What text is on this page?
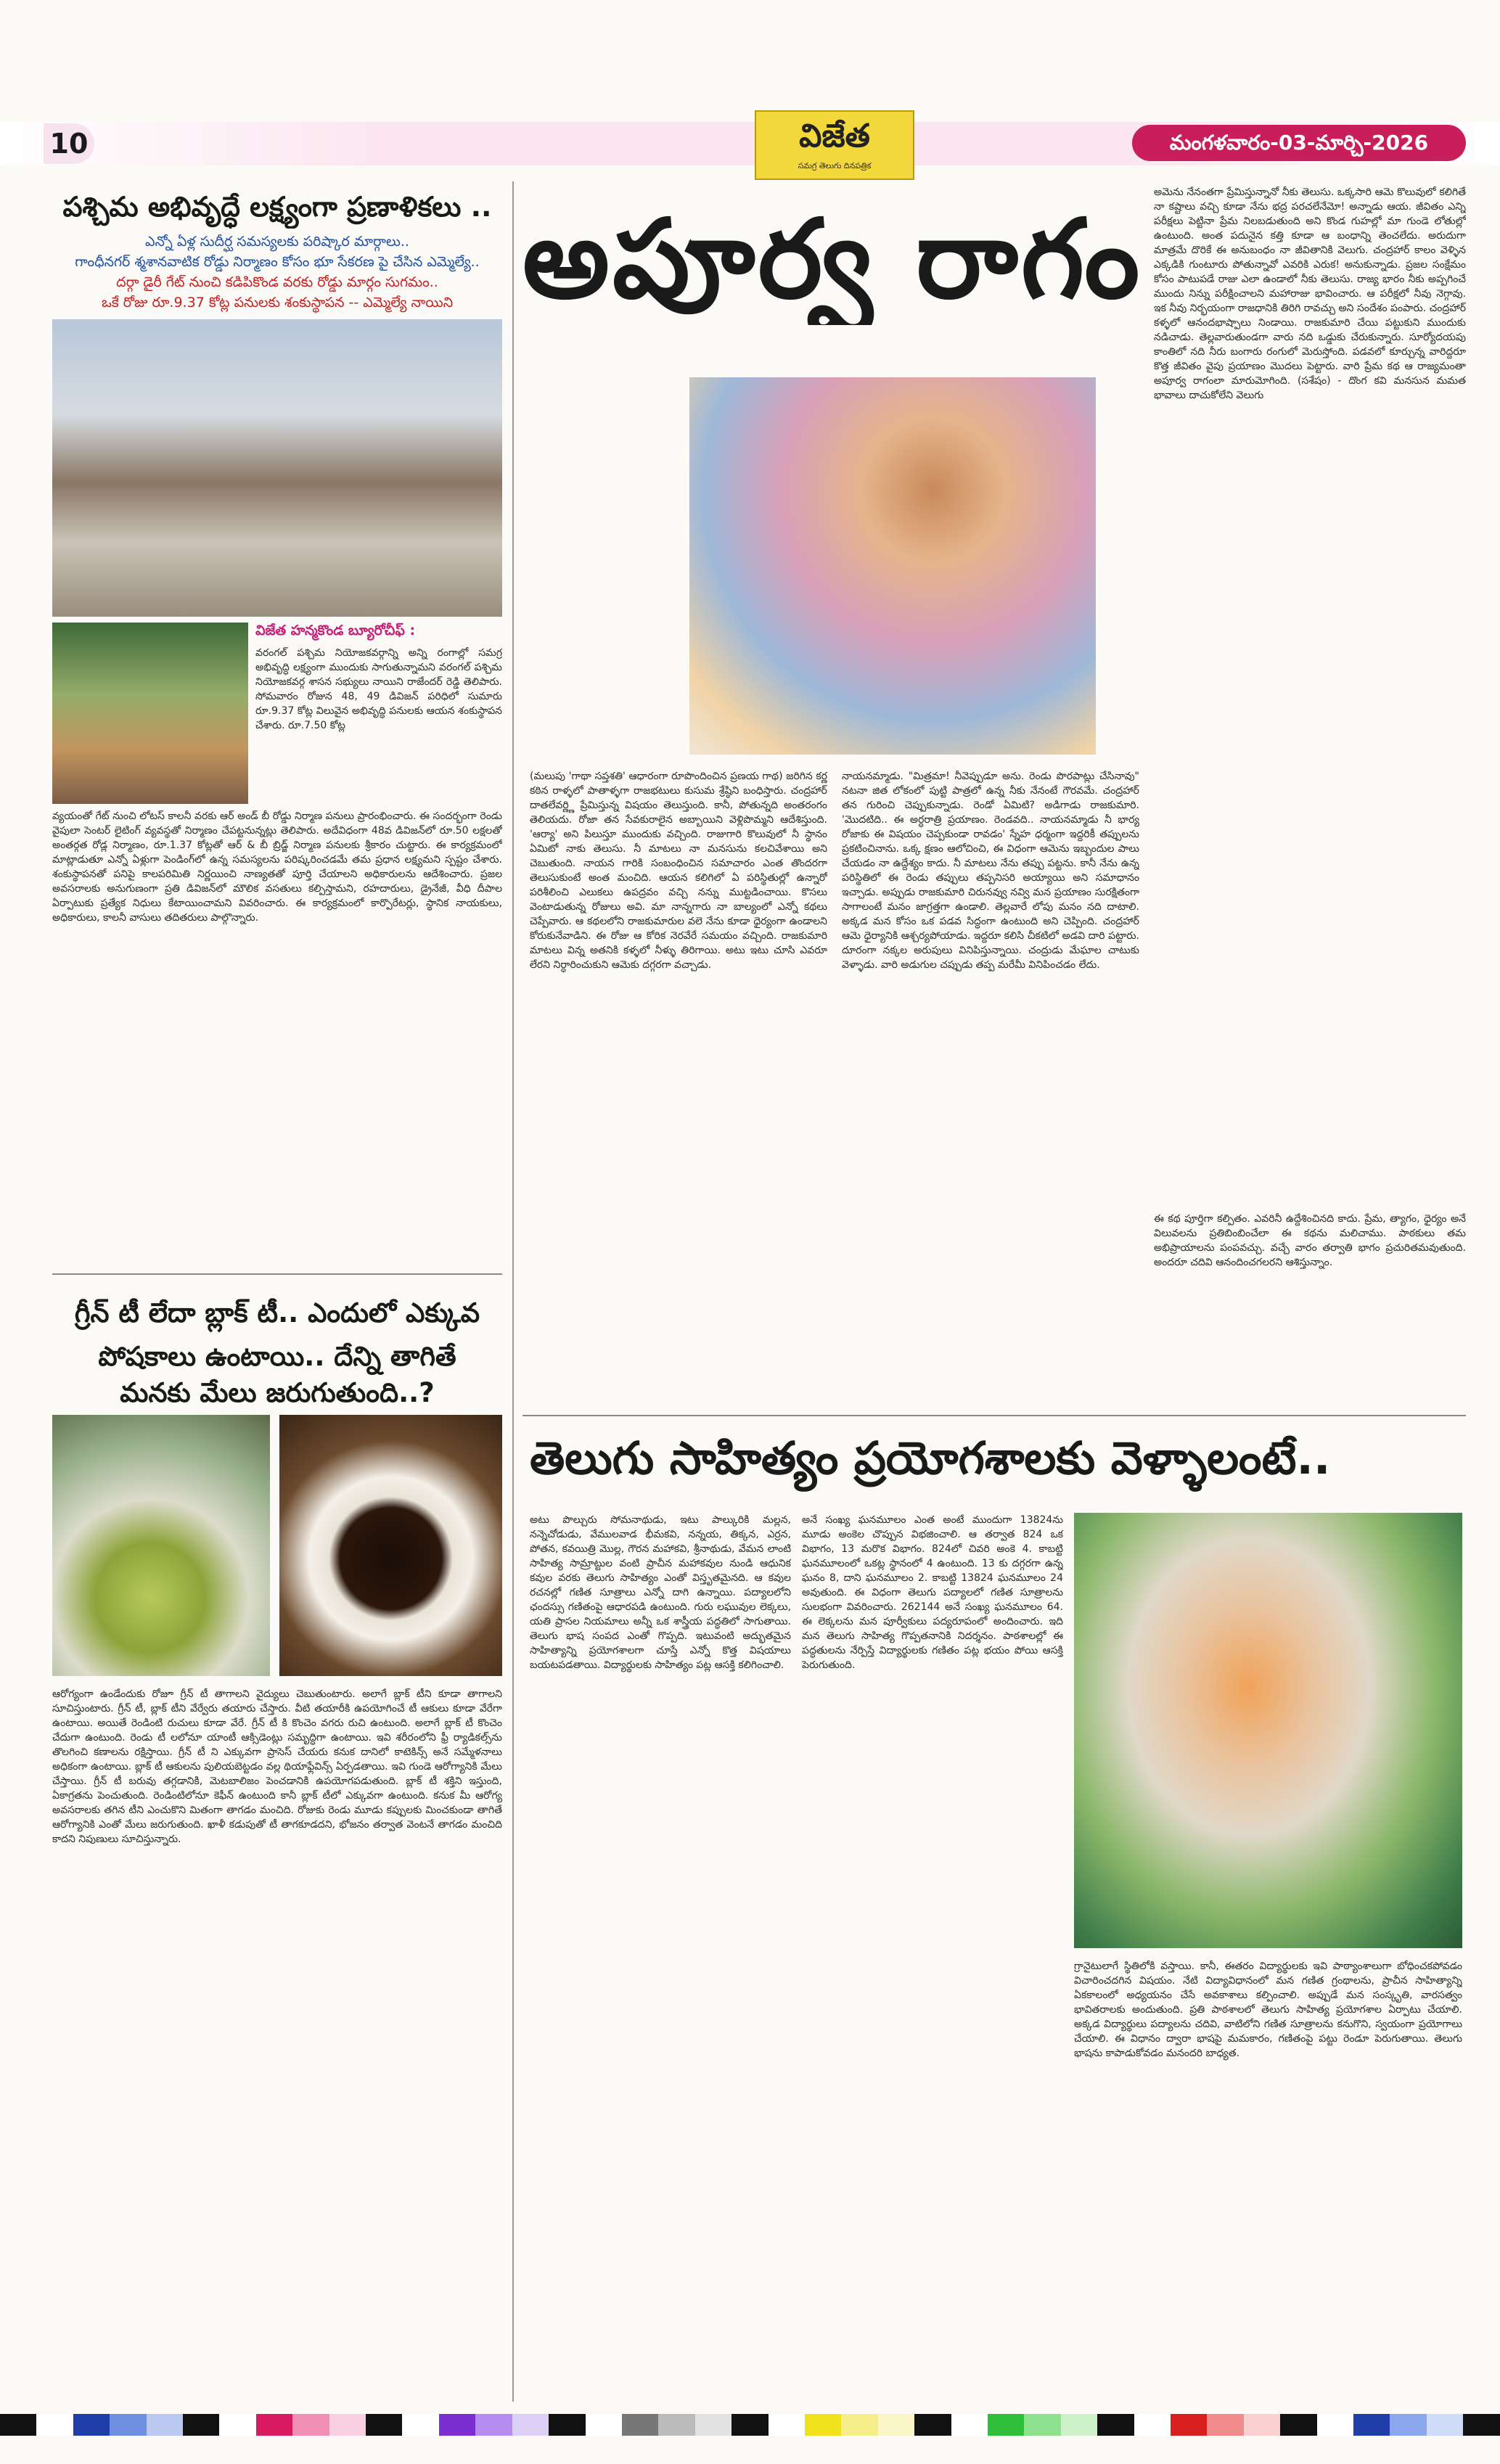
10	విజేత
సమగ్ర తెలుగు దినపత్రిక
మంగళవారం-03-మార్చి-2026
పశ్చిమ అభివృద్ధే లక్ష్యంగా ప్రణాళికలు ..
ఎన్నో ఏళ్ల సుదీర్ఘ సమస్యలకు పరిష్కార మార్గాలు..
గాంధీనగర్ శ్మశానవాటిక రోడ్డు నిర్మాణం కోసం భూ సేకరణ పై చేసిన ఎమ్మెల్యే..
దర్గా డైరీ గేట్ నుంచి కడిపికొండ వరకు రోడ్డు మార్గం సుగమం..
ఒకే రోజు రూ.9.37 కోట్ల పనులకు శంకుస్థాపన -- ఎమ్మెల్యే నాయిని
విజేత హన్మకొండ బ్యూరోచీఫ్ :
వరంగల్ పశ్చిమ నియోజకవర్గాన్ని అన్ని రంగాల్లో సమగ్ర అభివృద్ధి లక్ష్యంగా ముందుకు సాగుతున్నామని వరంగల్ పశ్చిమ నియోజకవర్గ శాసన సభ్యులు నాయిని రాజేందర్ రెడ్డి తెలిపారు. సోమవారం రోజున 48, 49 డివిజన్ పరిధిలో సుమారు రూ.9.37 కోట్ల విలువైన అభివృద్ధి పనులకు ఆయన శంకుస్థాపన చేశారు. రూ.7.50 కోట్ల
వ్యయంతో గేట్ నుంచి లోటస్ కాలనీ వరకు ఆర్ అండ్ బీ రోడ్డు నిర్మాణ పనులు ప్రారంభించారు. ఈ సందర్భంగా రెండు వైపులా సెంటర్ లైటింగ్ వ్యవస్థతో నిర్మాణం చేపట్టనున్నట్లు తెలిపారు. అదేవిధంగా 48వ డివిజన్‌లో రూ.50 లక్షలతో అంతర్గత రోడ్ల నిర్మాణం, రూ.1.37 కోట్లతో ఆర్ & బీ బ్రిడ్జ్ నిర్మాణ పనులకు శ్రీకారం చుట్టారు. ఈ కార్యక్రమంలో మాట్లాడుతూ ఎన్నో ఏళ్లుగా పెండింగ్‌లో ఉన్న సమస్యలను పరిష్కరించడమే తమ ప్రధాన లక్ష్యమని స్పష్టం చేశారు. శంకుస్థాపనతో పనిపై కాలపరిమితి నిర్ణయించి నాణ్యతతో పూర్తి చేయాలని అధికారులను ఆదేశించారు. ప్రజల అవసరాలకు అనుగుణంగా ప్రతి డివిజన్‌లో మౌలిక వసతులు కల్పిస్తామని, రహదారులు, డ్రైనేజీ, వీధి దీపాల ఏర్పాటుకు ప్రత్యేక నిధులు కేటాయించామని వివరించారు. ఈ కార్యక్రమంలో కార్పొరేటర్లు, స్థానిక నాయకులు, అధికారులు, కాలనీ వాసులు తదితరులు పాల్గొన్నారు.
గ్రీన్ టీ లేదా బ్లాక్ టీ.. ఎందులో ఎక్కువ
పోషకాలు ఉంటాయి.. దేన్ని తాగితే
మనకు మేలు జరుగుతుంది..?
ఆరోగ్యంగా ఉండేందుకు రోజూ గ్రీన్ టీ తాగాలని వైద్యులు చెబుతుంటారు. అలాగే బ్లాక్ టీని కూడా తాగాలని సూచిస్తుంటారు. గ్రీన్ టీ, బ్లాక్ టీని వేర్వేరు తయారు చేస్తారు. వీటి తయారీకి ఉపయోగించే టీ ఆకులు కూడా వేరేగా ఉంటాయి. అయితే రెండింటి రుచులు కూడా వేరే. గ్రీన్ టీ కి కొంచెం వగరు రుచి ఉంటుంది. అలాగే బ్లాక్ టీ కొంచెం చేదుగా ఉంటుంది. రెండు టీ లలోనూ యాంటీ ఆక్సిడెంట్లు సమృద్ధిగా ఉంటాయి. ఇవి శరీరంలోని ఫ్రీ ర్యాడికల్స్‌ను తొలగించి కణాలను రక్షిస్తాయి. గ్రీన్ టీ ని ఎక్కువగా ప్రాసెస్ చేయరు కనుక దానిలో కాటెకిన్స్ అనే సమ్మేళనాలు అధికంగా ఉంటాయి. బ్లాక్ టీ ఆకులను పులియబెట్టడం వల్ల థియాఫ్లేవిన్స్ ఏర్పడతాయి. ఇవి గుండె ఆరోగ్యానికి మేలు చేస్తాయి. గ్రీన్ టీ బరువు తగ్గడానికి, మెటబాలిజం పెంచడానికి ఉపయోగపడుతుంది. బ్లాక్ టీ శక్తిని ఇస్తుంది, ఏకాగ్రతను పెంచుతుంది. రెండింటిలోనూ కెఫీన్ ఉంటుంది కానీ బ్లాక్ టీలో ఎక్కువగా ఉంటుంది. కనుక మీ ఆరోగ్య అవసరాలకు తగిన టీని ఎంచుకొని మితంగా తాగడం మంచిది. రోజుకు రెండు మూడు కప్పులకు మించకుండా తాగితే ఆరోగ్యానికి ఎంతో మేలు జరుగుతుంది. ఖాళీ కడుపుతో టీ తాగకూడదని, భోజనం తర్వాత వెంటనే తాగడం మంచిది కాదని నిపుణులు సూచిస్తున్నారు.
అపూర్వ రాగం
(మలుపు 'గాథా సప్తశతి' ఆధారంగా రూపొందించిన ప్రణయ గాథ) జరిగిన కర్ణ కఠిన రాళ్ళలో పాతాళ్ళగా రాజభటులు కుసుమ శ్రేష్ఠిని బంధిస్తారు. చంద్రహార్ దాతలేవర్ణ్ణి ప్రేమిస్తున్న విషయం తెలుస్తుంది. కానీ, పోతున్నది అంతరంగం తెలియదు. రోజా తన సేవకురాలైన అబ్బాయిని వెళ్లిపొమ్మని ఆదేశిస్తుంది. 'ఆర్యా' అని పిలుస్తూ ముందుకు వచ్చింది. రాజుగారి కొలువులో నీ స్థానం ఏమిటో నాకు తెలుసు. నీ మాటలు నా మనసును కలచివేశాయి అని చెబుతుంది. నాయన గారికి సంబంధించిన సమాచారం ఎంత తొందరగా తెలుసుకుంటే అంత మంచిది. ఆయన కలిగిలో ఏ పరిస్థితుల్లో ఉన్నారో పరిశీలించి ఎలుకలు ఉపద్రవం వచ్చి నన్ను ముట్టడించాయి. కొసలు వెంటాడుతున్న రోజులు అవి. మా నాన్నగారు నా బాల్యంలో ఎన్నో కథలు చెప్పేవారు. ఆ కథలలోని రాజకుమారుల వలె నేను కూడా ధైర్యంగా ఉండాలని కోరుకునేవాడిని. ఈ రోజు ఆ కోరిక నెరవేరే సమయం వచ్చింది. రాజకుమారి మాటలు విన్న అతనికి కళ్ళలో నీళ్ళు తిరిగాయి. అటు ఇటు చూసి ఎవరూ లేరని నిర్ధారించుకుని ఆమెకు దగ్గరగా వచ్చాడు.
నాయనమ్మాడు. "మిత్రమా! నీవెప్పుడూ అను. రెండు పొరపాట్లు చేసినావు" నటనా జిత లోకంలో పుట్టి పాత్రలో ఉన్న నీకు నేనంటే గౌరవమే. చంద్రహార్ తన గురించి చెప్పుకున్నాడు. రెండో ఏమిటి? అడిగాడు రాజకుమారి. 'మొదటిది.. ఈ అర్ధరాత్రి ప్రయాణం. రెండవది.. నాయనమ్మాడు నీ భార్య రోజాకు ఈ విషయం చెప్పకుండా రావడం' స్నేహ ధర్మంగా ఇద్దరికీ తప్పులను ప్రకటించినాను. ఒక్క క్షణం ఆలోచించి, ఈ విధంగా ఆమెను ఇబ్బందుల పాలు చేయడం నా ఉద్దేశ్యం కాదు. నీ మాటలు నేను తప్పు పట్టను. కానీ నేను ఉన్న పరిస్థితిలో ఈ రెండు తప్పులు తప్పనిసరి అయ్యాయి అని సమాధానం ఇచ్చాడు. అప్పుడు రాజకుమారి చిరునవ్వు నవ్వి మన ప్రయాణం సురక్షితంగా సాగాలంటే మనం జాగ్రత్తగా ఉండాలి. తెల్లవారే లోపు మనం నది దాటాలి. అక్కడ మన కోసం ఒక పడవ సిద్ధంగా ఉంటుంది అని చెప్పింది. చంద్రహార్ ఆమె ధైర్యానికి ఆశ్చర్యపోయాడు. ఇద్దరూ కలిసి చీకటిలో అడవి దారి పట్టారు. దూరంగా నక్కల అరుపులు వినిపిస్తున్నాయి. చంద్రుడు మేఘాల చాటుకు వెళ్ళాడు. వారి అడుగుల చప్పుడు తప్ప మరేమీ వినిపించడం లేదు.
అమెను నేనంతగా ప్రేమిస్తున్నానో నీకు తెలుసు. ఒక్కసారి ఆమె కొలువులో కలిగితే నా కష్టాలు వచ్చి కూడా నేను భద్ర పరచలేనేమో! అన్నాడు ఆయ. జీవితం ఎన్ని పరీక్షలు పెట్టినా ప్రేమ నిలబడుతుంది అని కొండ గుహల్లో మా గుండె లోతుల్లో ఉంటుంది. అంత పదునైన కత్తి కూడా ఆ బంధాన్ని తెంచలేదు. అరుదుగా మాత్రమే దొరికే ఈ అనుబంధం నా జీవితానికి వెలుగు. చంద్రహార్ కాలం వెళ్ళిన ఎక్కడికి గుంటూరు పోతున్నావో ఎవరికి ఎరుక! అనుకున్నాడు. ప్రజల సంక్షేమం కోసం పాటుపడే రాజు ఎలా ఉండాలో నీకు తెలుసు. రాజ్య భారం నీకు అప్పగించే ముందు నిన్ను పరీక్షించాలని మహారాజు భావించారు. ఆ పరీక్షలో నీవు నెగ్గావు. ఇక నీవు నిర్భయంగా రాజధానికి తిరిగి రావచ్చు అని సందేశం పంపారు. చంద్రహార్ కళ్ళలో ఆనందభాష్పాలు నిండాయి. రాజకుమారి చేయి పట్టుకుని ముందుకు నడిచాడు. తెల్లవారుతుండగా వారు నది ఒడ్డుకు చేరుకున్నారు. సూర్యోదయపు కాంతిలో నది నీరు బంగారు రంగులో మెరుస్తోంది. పడవలో కూర్చున్న వారిద్దరూ కొత్త జీవితం వైపు ప్రయాణం మొదలు పెట్టారు. వారి ప్రేమ కథ ఆ రాజ్యమంతా అపూర్వ రాగంలా మారుమోగింది. (సశేషం) - దొంగ కవి మనసున మమత భావాలు దాచుకోలేని వెలుగు
ఈ కథ పూర్తిగా కల్పితం. ఎవరినీ ఉద్దేశించినది కాదు. ప్రేమ, త్యాగం, ధైర్యం అనే విలువలను ప్రతిబింబించేలా ఈ కథను మలిచాము. పాఠకులు తమ అభిప్రాయాలను పంపవచ్చు. వచ్చే వారం తర్వాతి భాగం ప్రచురితమవుతుంది. అందరూ చదివి ఆనందించగలరని ఆశిస్తున్నాం.
తెలుగు సాహిత్యం ప్రయోగశాలకు వెళ్ళాలంటే..
అటు పొల్చురు సోమనాథుడు, ఇటు పాల్కురికి మల్లన, నన్నెచోడుడు, వేములవాడ భీమకవి, నన్నయ, తిక్కన, ఎర్రన, పోతన, కవయిత్రి మొల్ల, గౌరన మహాకవి, శ్రీనాథుడు, వేమన లాంటి సాహిత్య సామ్రాట్టుల వంటి ప్రాచీన మహాకవుల నుండి ఆధునిక కవుల వరకు తెలుగు సాహిత్యం ఎంతో విస్తృతమైనది. ఆ కవుల రచనల్లో గణిత సూత్రాలు ఎన్నో దాగి ఉన్నాయి. పద్యాలలోని ఛందస్సు గణితంపై ఆధారపడి ఉంటుంది. గురు లఘువుల లెక్కలు, యతి ప్రాసల నియమాలు అన్నీ ఒక శాస్త్రీయ పద్ధతిలో సాగుతాయి. తెలుగు భాష సంపద ఎంతో గొప్పది. ఇటువంటి అద్భుతమైన సాహిత్యాన్ని ప్రయోగశాలగా చూస్తే ఎన్నో కొత్త విషయాలు బయటపడతాయి. విద్యార్థులకు సాహిత్యం పట్ల ఆసక్తి కలిగించాలి.
అనే సంఖ్య ఘనమూలం ఎంత అంటే ముందుగా 13824ను మూడు అంకెల చొప్పున విభజించాలి. ఆ తర్వాత 824 ఒక విభాగం, 13 మరొక విభాగం. 824లో చివరి అంకె 4. కాబట్టి ఘనమూలంలో ఒకట్ల స్థానంలో 4 ఉంటుంది. 13 కు దగ్గరగా ఉన్న ఘనం 8, దాని ఘనమూలం 2. కాబట్టి 13824 ఘనమూలం 24 అవుతుంది. ఈ విధంగా తెలుగు పద్యాలలో గణిత సూత్రాలను సులభంగా వివరించారు. 262144 అనే సంఖ్య ఘనమూలం 64. ఈ లెక్కలను మన పూర్వీకులు పద్యరూపంలో అందించారు. ఇది మన తెలుగు సాహిత్య గొప్పతనానికి నిదర్శనం. పాఠశాలల్లో ఈ పద్ధతులను నేర్పిస్తే విద్యార్థులకు గణితం పట్ల భయం పోయి ఆసక్తి పెరుగుతుంది.
గ్రానైటులాగే స్థితిలోకి వస్తాయి. కానీ, ఈతరం విద్యార్థులకు ఇవి పాఠ్యాంశాలుగా బోధించకపోవడం విచారించదగిన విషయం. నేటి విద్యావిధానంలో మన గణిత గ్రంథాలను, ప్రాచీన సాహిత్యాన్ని ఏకకాలంలో అధ్యయనం చేసే అవకాశాలు కల్పించాలి. అప్పుడే మన సంస్కృతి, వారసత్వం భావితరాలకు అందుతుంది. ప్రతి పాఠశాలలో తెలుగు సాహిత్య ప్రయోగశాల ఏర్పాటు చేయాలి. అక్కడ విద్యార్థులు పద్యాలను చదివి, వాటిలోని గణిత సూత్రాలను కనుగొని, స్వయంగా ప్రయోగాలు చేయాలి. ఈ విధానం ద్వారా భాషపై మమకారం, గణితంపై పట్టు రెండూ పెరుగుతాయి. తెలుగు భాషను కాపాడుకోవడం మనందరి బాధ్యత.
